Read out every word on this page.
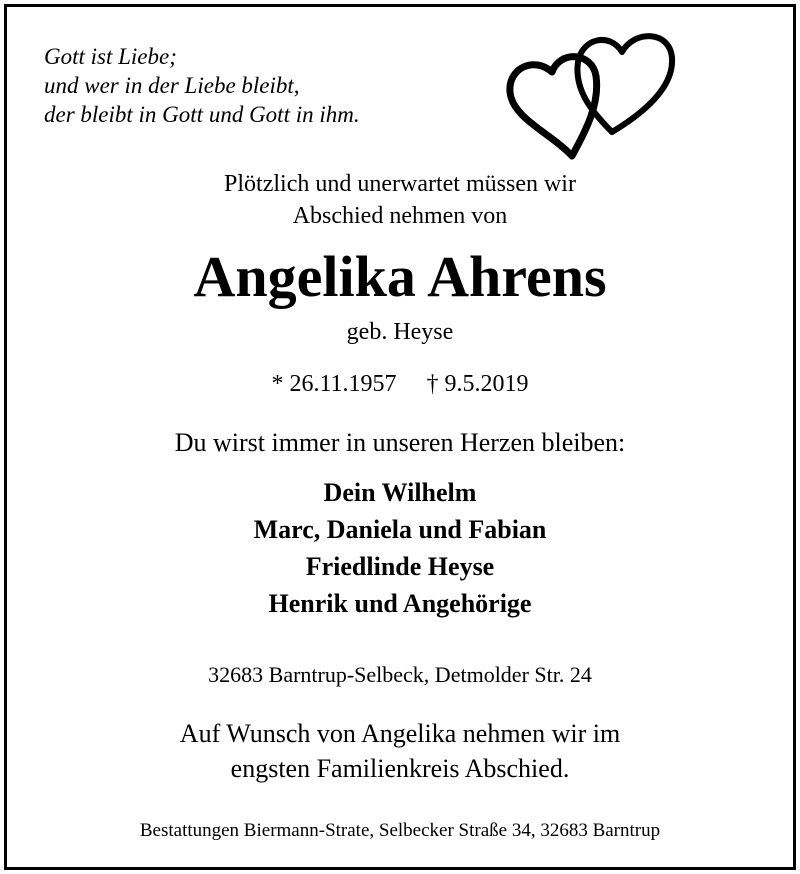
Gott ist Liebe;
und wer in der Liebe bleibt,
der bleibt in Gott und Gott in ihm.
Plötzlich und unerwartet müssen wir
Abschied nehmen von
Angelika Ahrens
geb. Heyse
* 26.11.1957 † 9.5.2019
Du wirst immer in unseren Herzen bleiben:
Dein Wilhelm
Marc, Daniela und Fabian
Friedlinde Heyse
Henrik und Angehörige
32683 Barntrup-Selbeck, Detmolder Str. 24
Auf Wunsch von Angelika nehmen wir im
engsten Familienkreis Abschied.
Bestattungen Biermann-Strate, Selbecker Straße 34, 32683 Barntrup
